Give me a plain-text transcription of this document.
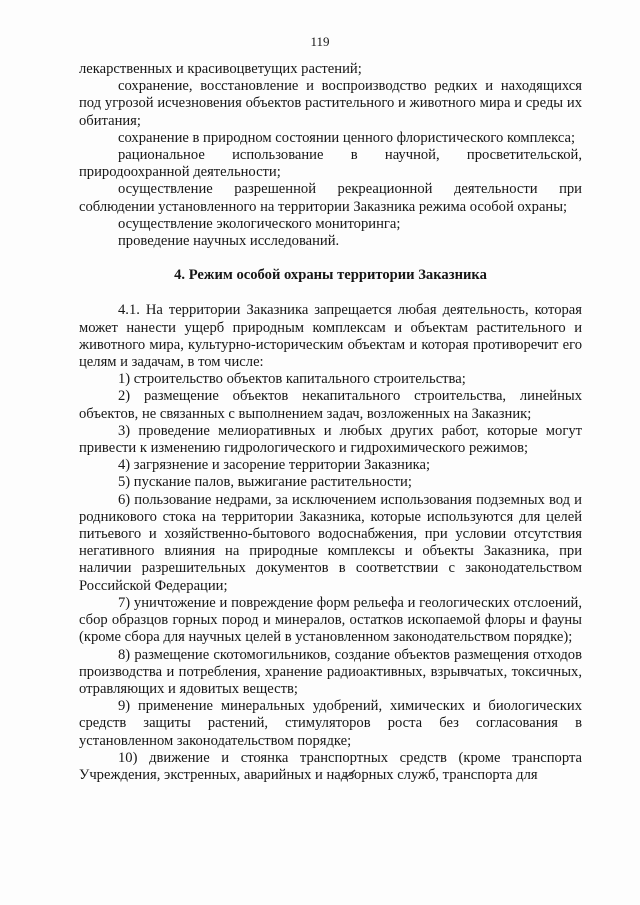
119

лекарственных и красивоцветущих растений;

сохранение, восстановление и воспроизводство редких и находящихся под угрозой исчезновения объектов растительного и животного мира и среды их обитания;

сохранение в природном состоянии ценного флористического комплекса;

рациональное использование в научной, просветительской, природоохранной деятельности;

осуществление разрешенной рекреационной деятельности при соблюдении установленного на территории Заказника режима особой охраны;

осуществление экологического мониторинга;

проведение научных исследований.

4. Режим особой охраны территории Заказника

4.1. На территории Заказника запрещается любая деятельность, которая может нанести ущерб природным комплексам и объектам растительного и животного мира, культурно-историческим объектам и которая противоречит его целям и задачам, в том числе:

1) строительство объектов капитального строительства;

2) размещение объектов некапитального строительства, линейных объектов, не связанных с выполнением задач, возложенных на Заказник;

3) проведение мелиоративных и любых других работ, которые могут привести к изменению гидрологического и гидрохимического режимов;

4) загрязнение и засорение территории Заказника;

5) пускание палов, выжигание растительности;

6) пользование недрами, за исключением использования подземных вод и родникового стока на территории Заказника, которые используются для целей питьевого и хозяйственно-бытового водоснабжения, при условии отсутствия негативного влияния на природные комплексы и объекты Заказника, при наличии разрешительных документов в соответствии с законодательством Российской Федерации;

7) уничтожение и повреждение форм рельефа и геологических отслоений, сбор образцов горных пород и минералов, остатков ископаемой флоры и фауны (кроме сбора для научных целей в установленном законодательством порядке);

8) размещение скотомогильников, создание объектов размещения отходов производства и потребления, хранение радиоактивных, взрывчатых, токсичных, отравляющих и ядовитых веществ;

9) применение минеральных удобрений, химических и биологических средств защиты растений, стимуляторов роста без согласования в установленном законодательством порядке;

10) движение и стоянка транспортных средств (кроме транспорта Учреждения, экстренных, аварийных и надзорных служб, транспорта для
